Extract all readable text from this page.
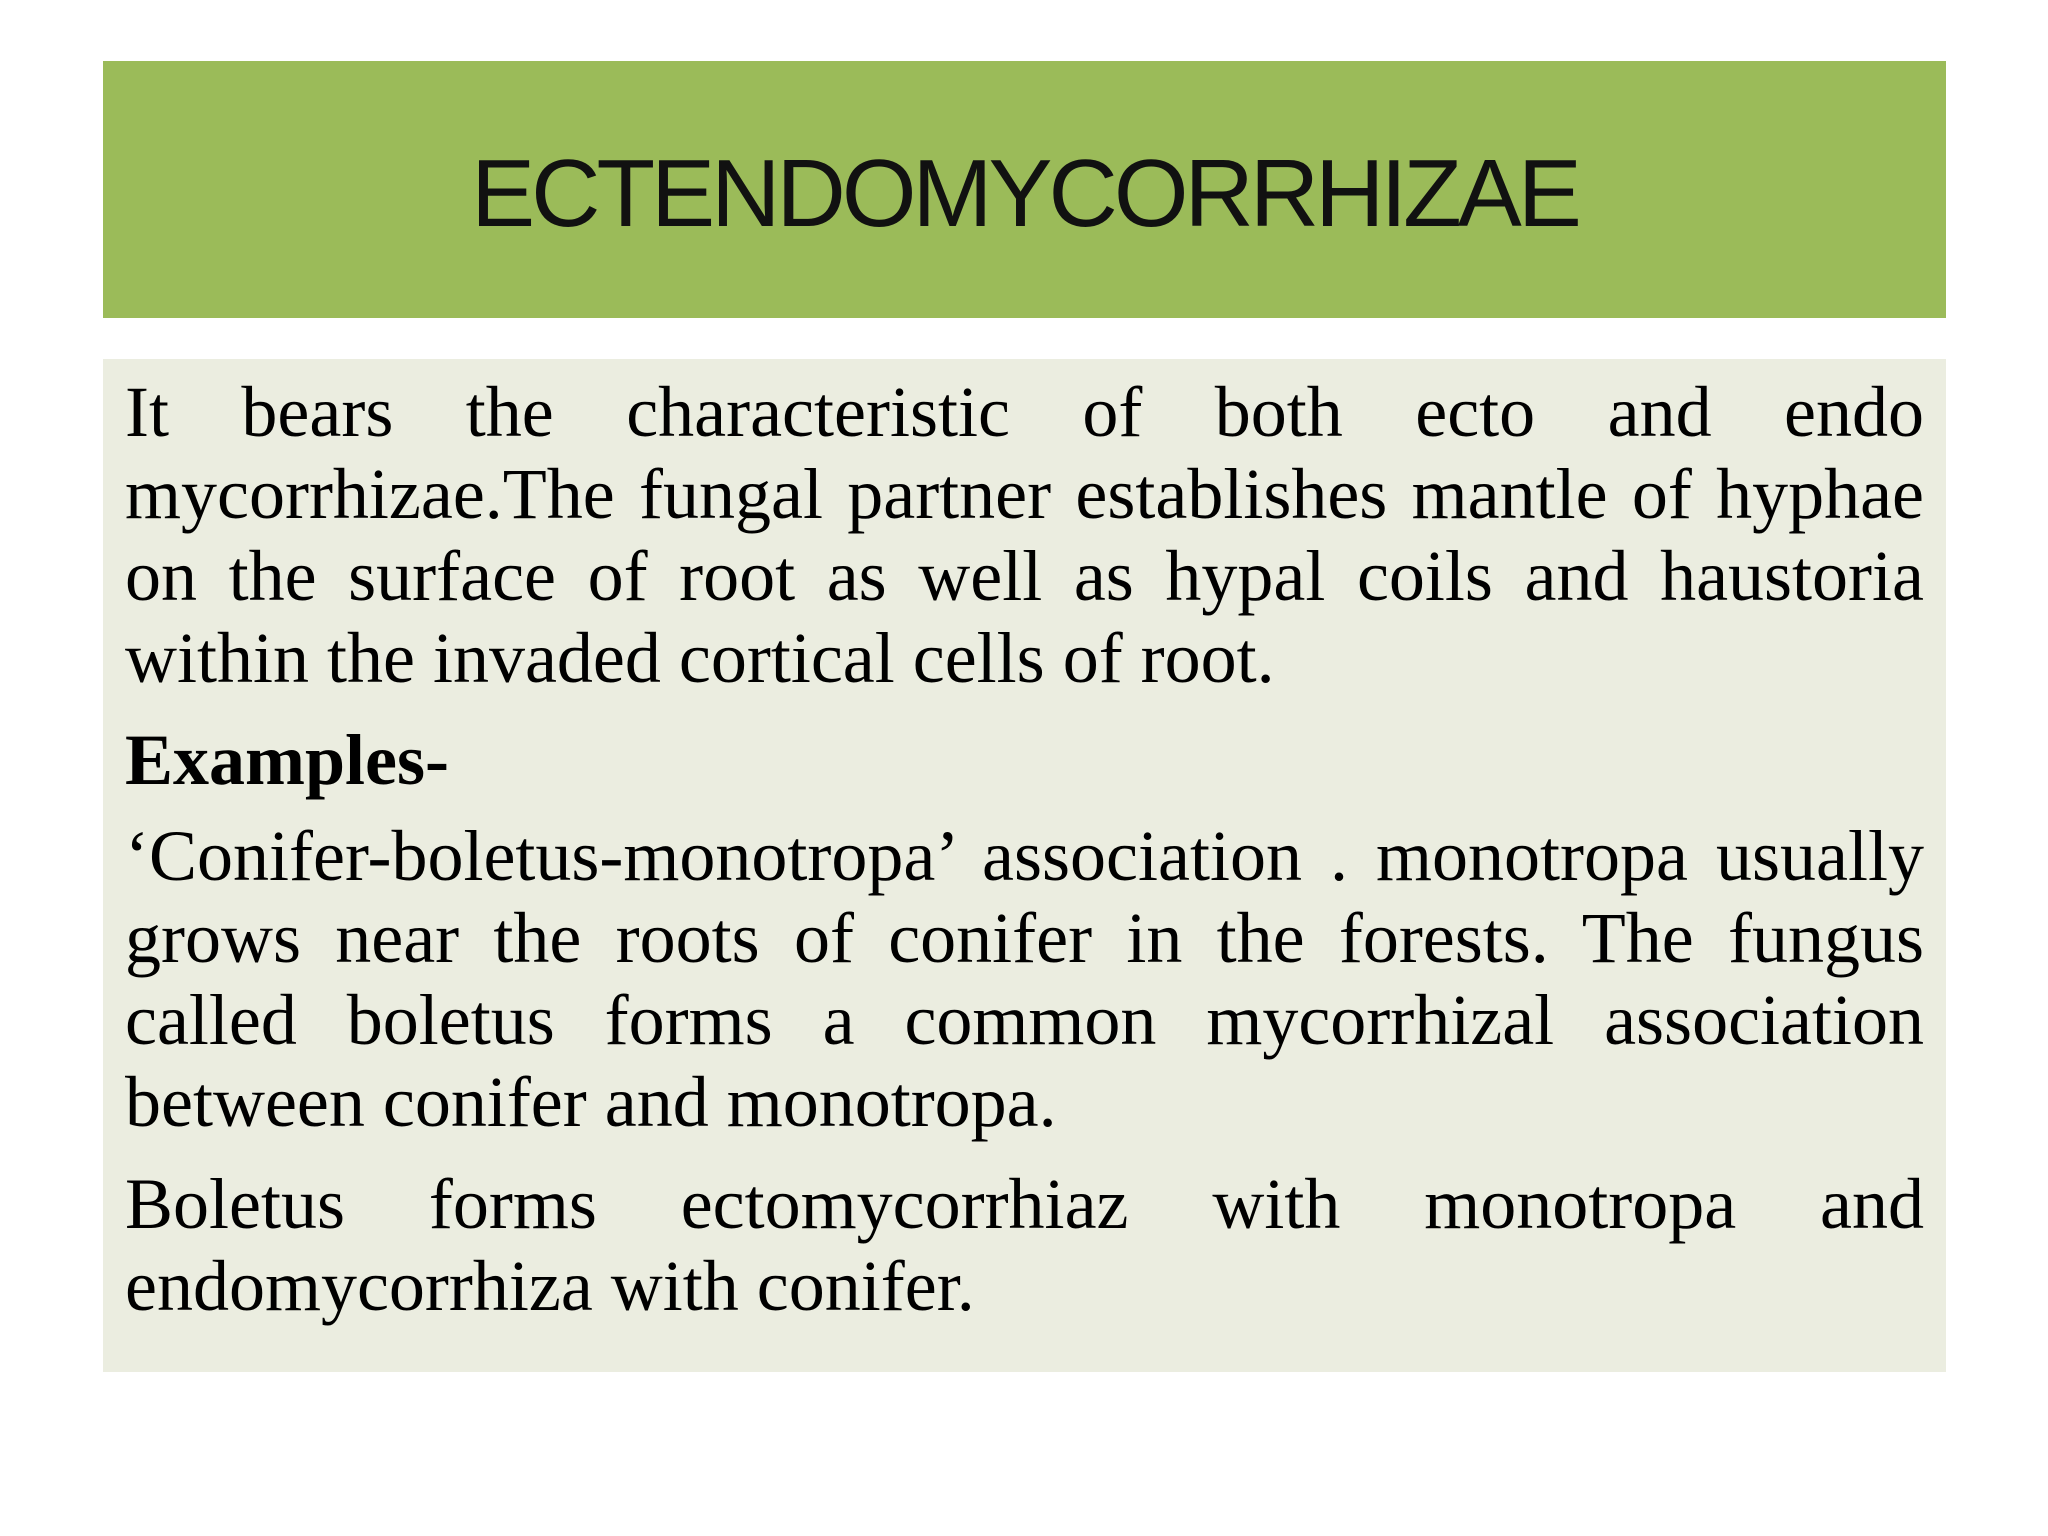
ECTENDOMYCORRHIZAE

It bears the characteristic of both ecto and endo mycorrhizae.The fungal partner establishes mantle of hyphae on the surface of root as well as hypal coils and haustoria within the invaded cortical cells of root.

Examples-

‘Conifer-boletus-monotropa’ association . monotropa usually grows near the roots of conifer in the forests. The fungus called boletus forms a common mycorrhizal association between conifer and monotropa.

Boletus forms ectomycorrhiaz with monotropa and endomycorrhiza with conifer.
